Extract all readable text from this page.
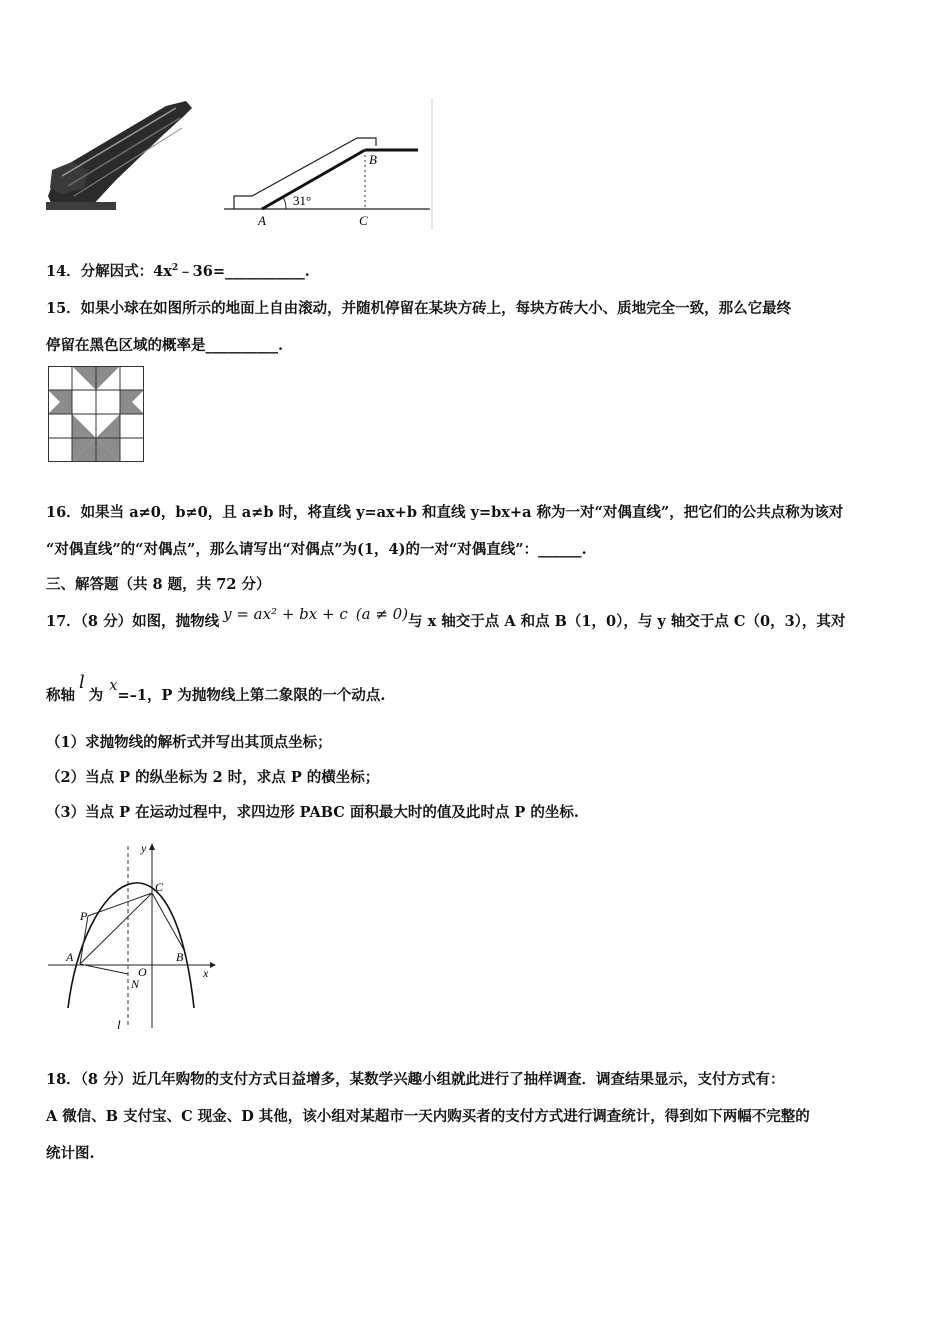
A	C
B
31°
14．分解因式：$4x^2﹣36=\_\_\_\_\_\_\_\_\_\_\_$.
15．如果小球在如图所示的地面上自由滚动，并随机停留在某块方砖上，每块方砖大小、质地完全一致，那么它最终
停留在黑色区域的概率是__________.
16．如果当 a≠0，b≠0，且 a≠b 时，将直线 y=ax+b 和直线 y=bx+a 称为一对“对偶直线”，把它们的公共点称为该对
“对偶直线”的“对偶点”，那么请写出“对偶点”为(1，4)的一对“对偶直线”：______.
三、解答题（共 8 题，共 72 分）
17．（8 分）如图，抛物线 y = ax² + bx + c (a ≠ 0)与 x 轴交于点 A 和点 B（1，0），与 y 轴交于点 C（0，3），其对
称轴l为x=–1，P 为抛物线上第二象限的一个动点.
（1）求抛物线的解析式并写出其顶点坐标；
（2）当点 P 的纵坐标为 2 时，求点 P 的横坐标；
（3）当点 P 在运动过程中，求四边形 PABC 面积最大时的值及此时点 P 的坐标.
y
x
C
P
A
O
B
N
l
18．（8 分）近几年购物的支付方式日益增多，某数学兴趣小组就此进行了抽样调查．调查结果显示，支付方式有：
A 微信、B 支付宝、C 现金、D 其他，该小组对某超市一天内购买者的支付方式进行调查统计，得到如下两幅不完整的
统计图.
